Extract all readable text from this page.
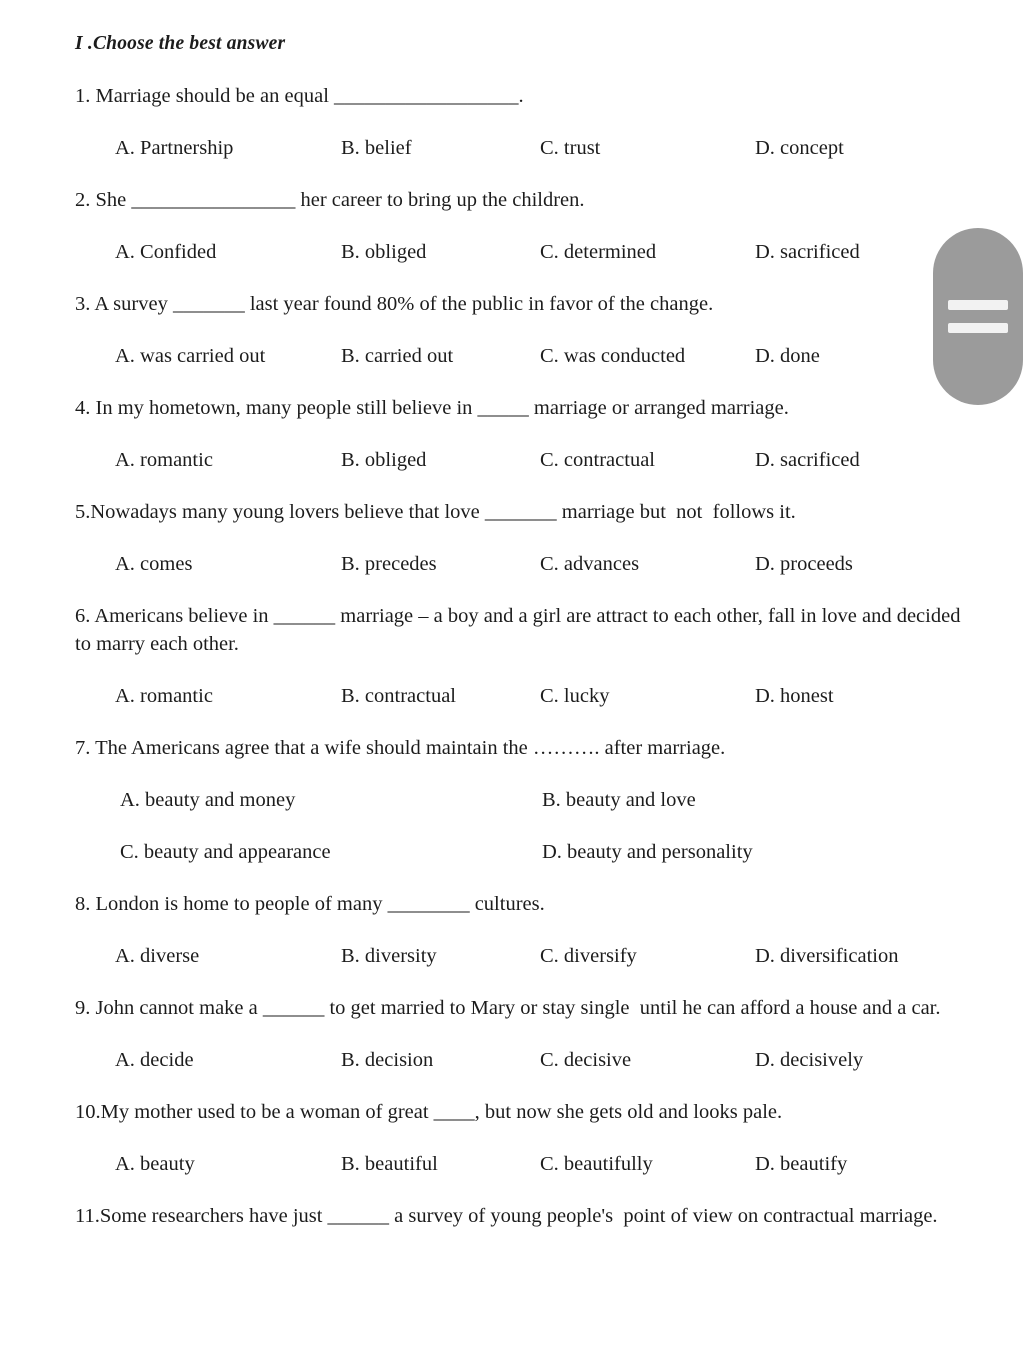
I .Choose the best answer

1. Marriage should be an equal __________________.

A. Partnership	B. belief	C. trust	D. concept

2. She ________________ her career to bring up the children.

A. Confided	B. obliged	C. determined	D. sacrificed

3. A survey _______ last year found 80% of the public in favor of the change.

A. was carried out	B. carried out	C. was conducted	D. done

4. In my hometown, many people still believe in _____ marriage or arranged marriage.

A. romantic	B. obliged	C. contractual	D. sacrificed

5.Nowadays many young lovers believe that love _______ marriage but  not  follows it.

A. comes	B. precedes	C. advances	D. proceeds

6. Americans believe in ______ marriage – a boy and a girl are attract to each other, fall in love and decided to marry each other.

A. romantic	B. contractual	C. lucky	D. honest

7. The Americans agree that a wife should maintain the ………. after marriage.

A. beauty and money	B. beauty and love
C. beauty and appearance	D. beauty and personality

8. London is home to people of many ________ cultures.

A. diverse	B. diversity	C. diversify	D. diversification

9. John cannot make a ______ to get married to Mary or stay single  until he can afford a house and a car.

A. decide	B. decision	C. decisive	D. decisively

10.My mother used to be a woman of great ____, but now she gets old and looks pale.

A. beauty	B. beautiful	C. beautifully	D. beautify

11.Some researchers have just ______ a survey of young people's  point of view on contractual marriage.
